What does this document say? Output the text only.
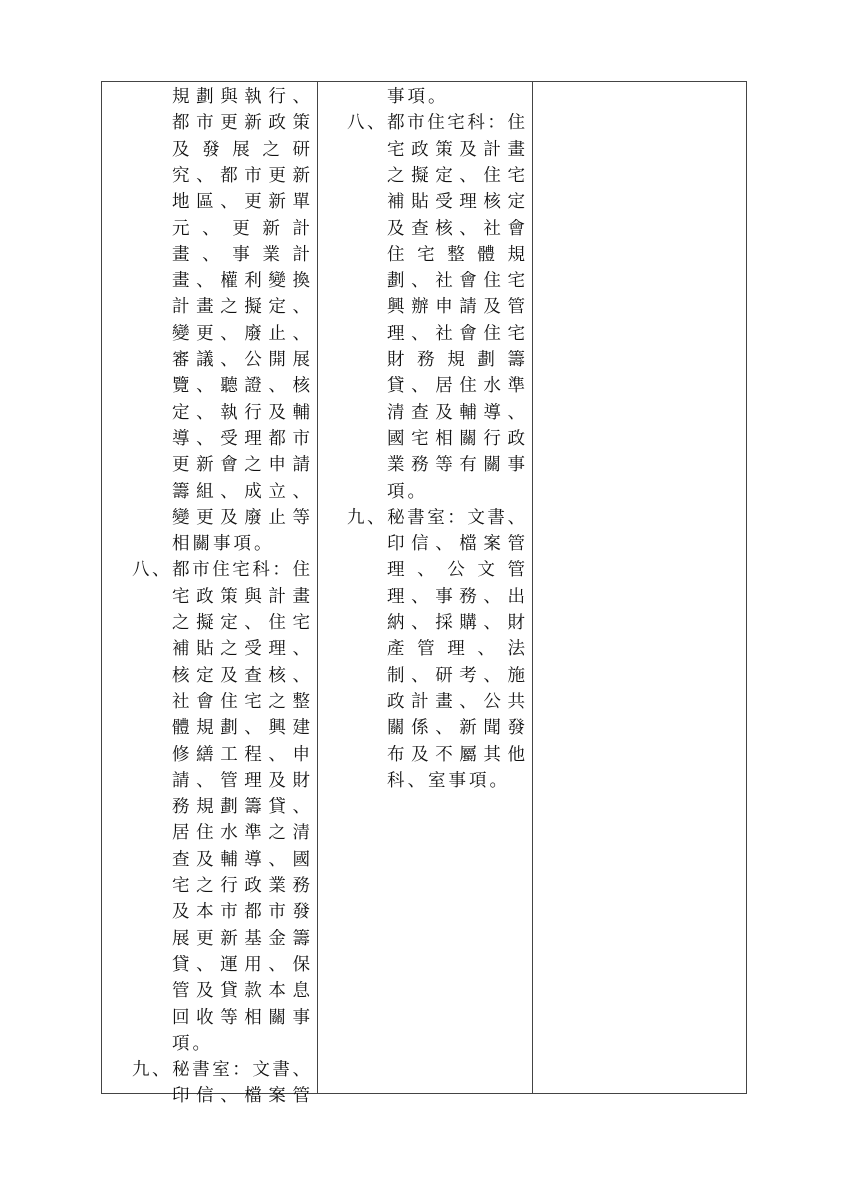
規劃與執行、
都市更新政策
及發展之研
究、都市更新
地區、更新單
元、更新計
畫、事業計
畫、權利變換
計畫之擬定、
變更、廢止、
審議、公開展
覽、聽證、核
定、執行及輔
導、受理都市
更新會之申請
籌組、成立、
變更及廢止等
相關事項。
八、都市住宅科：住
宅政策與計畫
之擬定、住宅
補貼之受理、
核定及查核、
社會住宅之整
體規劃、興建
修繕工程、申
請、管理及財
務規劃籌貸、
居住水準之清
查及輔導、國
宅之行政業務
及本市都市發
展更新基金籌
貸、運用、保
管及貸款本息
回收等相關事
項。
九、秘書室：文書、
印信、檔案管
事項。
八、都市住宅科：住
宅政策及計畫
之擬定、住宅
補貼受理核定
及查核、社會
住宅整體規
劃、社會住宅
興辦申請及管
理、社會住宅
財務規劃籌
貸、居住水準
清查及輔導、
國宅相關行政
業務等有關事
項。
九、秘書室：文書、
印信、檔案管
理、公文管
理、事務、出
納、採購、財
產管理、法
制、研考、施
政計畫、公共
關係、新聞發
布及不屬其他
科、室事項。
